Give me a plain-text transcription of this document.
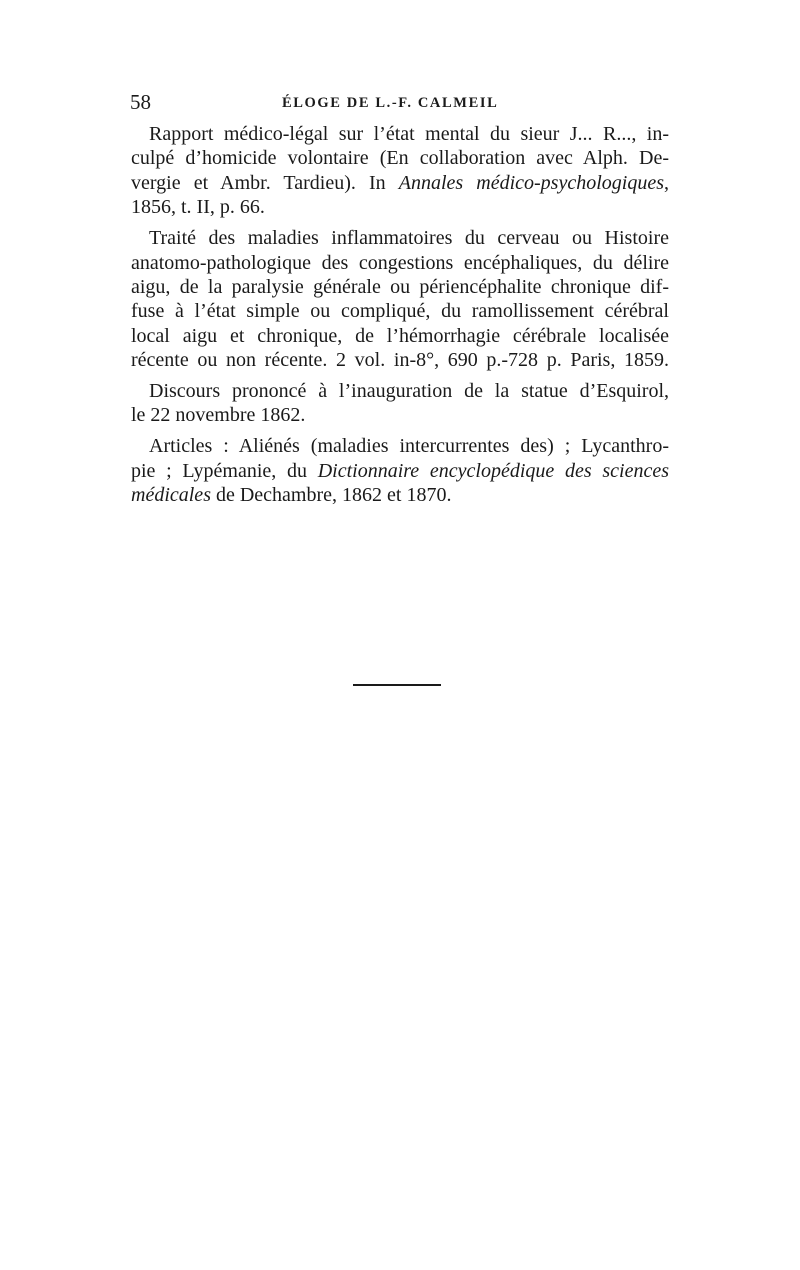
58	ÉLOGE DE L.-F. CALMEIL
Rapport médico-légal sur l’état mental du sieur J... R..., in-
culpé d’homicide volontaire (En collaboration avec Alph. De-
vergie et Ambr. Tardieu). In Annales médico-psychologiques,
1856, t. II, p. 66.
Traité des maladies inflammatoires du cerveau ou Histoire
anatomo-pathologique des congestions encéphaliques, du délire
aigu, de la paralysie générale ou périencéphalite chronique dif-
fuse à l’état simple ou compliqué, du ramollissement cérébral
local aigu et chronique, de l’hémorrhagie cérébrale localisée
récente ou non récente. 2 vol. in-8°, 690 p.-728 p. Paris, 1859.
Discours prononcé à l’inauguration de la statue d’Esquirol,
le 22 novembre 1862.
Articles : Aliénés (maladies intercurrentes des) ; Lycanthro-
pie ; Lypémanie, du Dictionnaire encyclopédique des sciences
médicales de Dechambre, 1862 et 1870.
